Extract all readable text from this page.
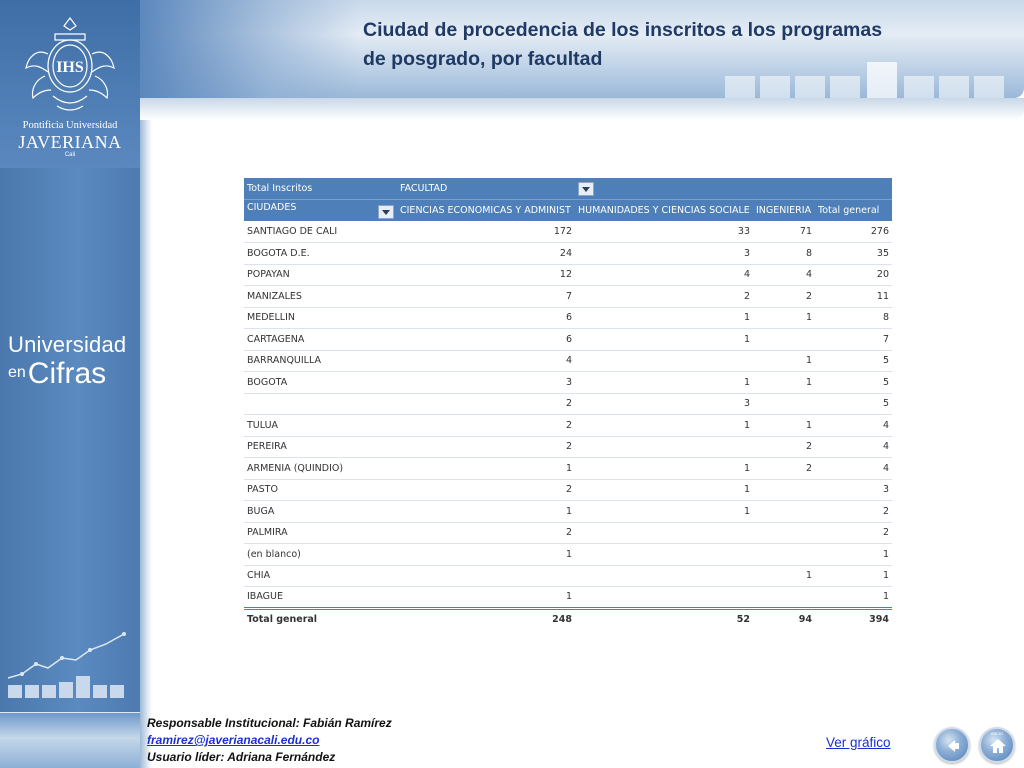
IHS
Pontificia Universidad
JAVERIANA
Cali
Universidad
en Cifras
Ciudad de procedencia de los inscritos a los programas
de posgrado, por facultad
Total Inscritos	FACULTAD			
CIUDADES	CIENCIAS ECONOMICAS Y ADMINIST	HUMANIDADES Y CIENCIAS SOCIALE	INGENIERIA	Total general
SANTIAGO DE CALI	172	33	71	276
BOGOTA D.E.	24	3	8	35
POPAYAN	12	4	4	20
MANIZALES	7	2	2	11
MEDELLIN	6	1	1	8
CARTAGENA	6	1		7
BARRANQUILLA	4		1	5
BOGOTA	3	1	1	5
	2	3		5
TULUA	2	1	1	4
PEREIRA	2		2	4
ARMENIA (QUINDIO)	1	1	2	4
PASTO	2	1		3
BUGA	1	1		2
PALMIRA	2			2
(en blanco)	1			1
CHIA			1	1
IBAGUE	1			1
Total general	248	52	94	394
Responsable Institucional: Fabián Ramírez
framirez@javerianacali.edu.co
Usuario líder: Adriana Fernández
Ver gráfico
INICIO
